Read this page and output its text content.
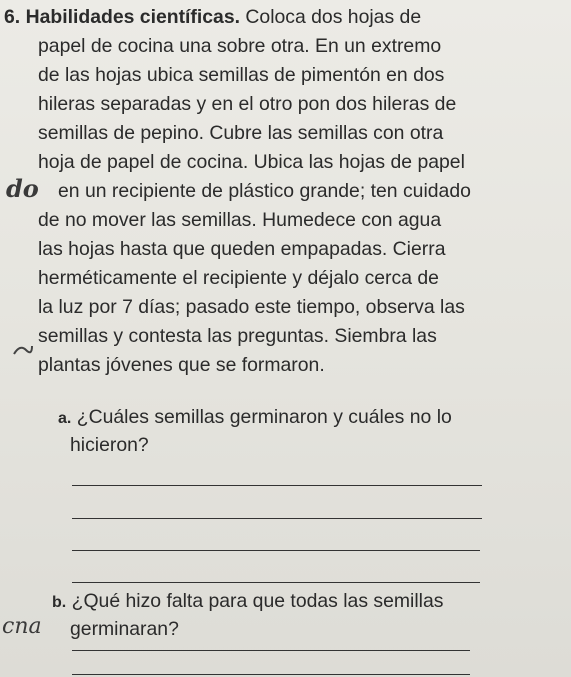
6. Habilidades científicas. Coloca dos hojas de
papel de cocina una sobre otra. En un extremo
de las hojas ubica semillas de pimentón en dos
hileras separadas y en el otro pon dos hileras de
semillas de pepino. Cubre las semillas con otra
hoja de papel de cocina. Ubica las hojas de papel
en un recipiente de plástico grande; ten cuidado
de no mover las semillas. Humedece con agua
las hojas hasta que queden empapadas. Cierra
herméticamente el recipiente y déjalo cerca de
la luz por 7 días; pasado este tiempo, observa las
semillas y contesta las preguntas. Siembra las
plantas jóvenes que se formaron.
do
a. ¿Cuáles semillas germinaron y cuáles no lo
hicieron?
b. ¿Qué hizo falta para que todas las semillas
germinaran?
cna
